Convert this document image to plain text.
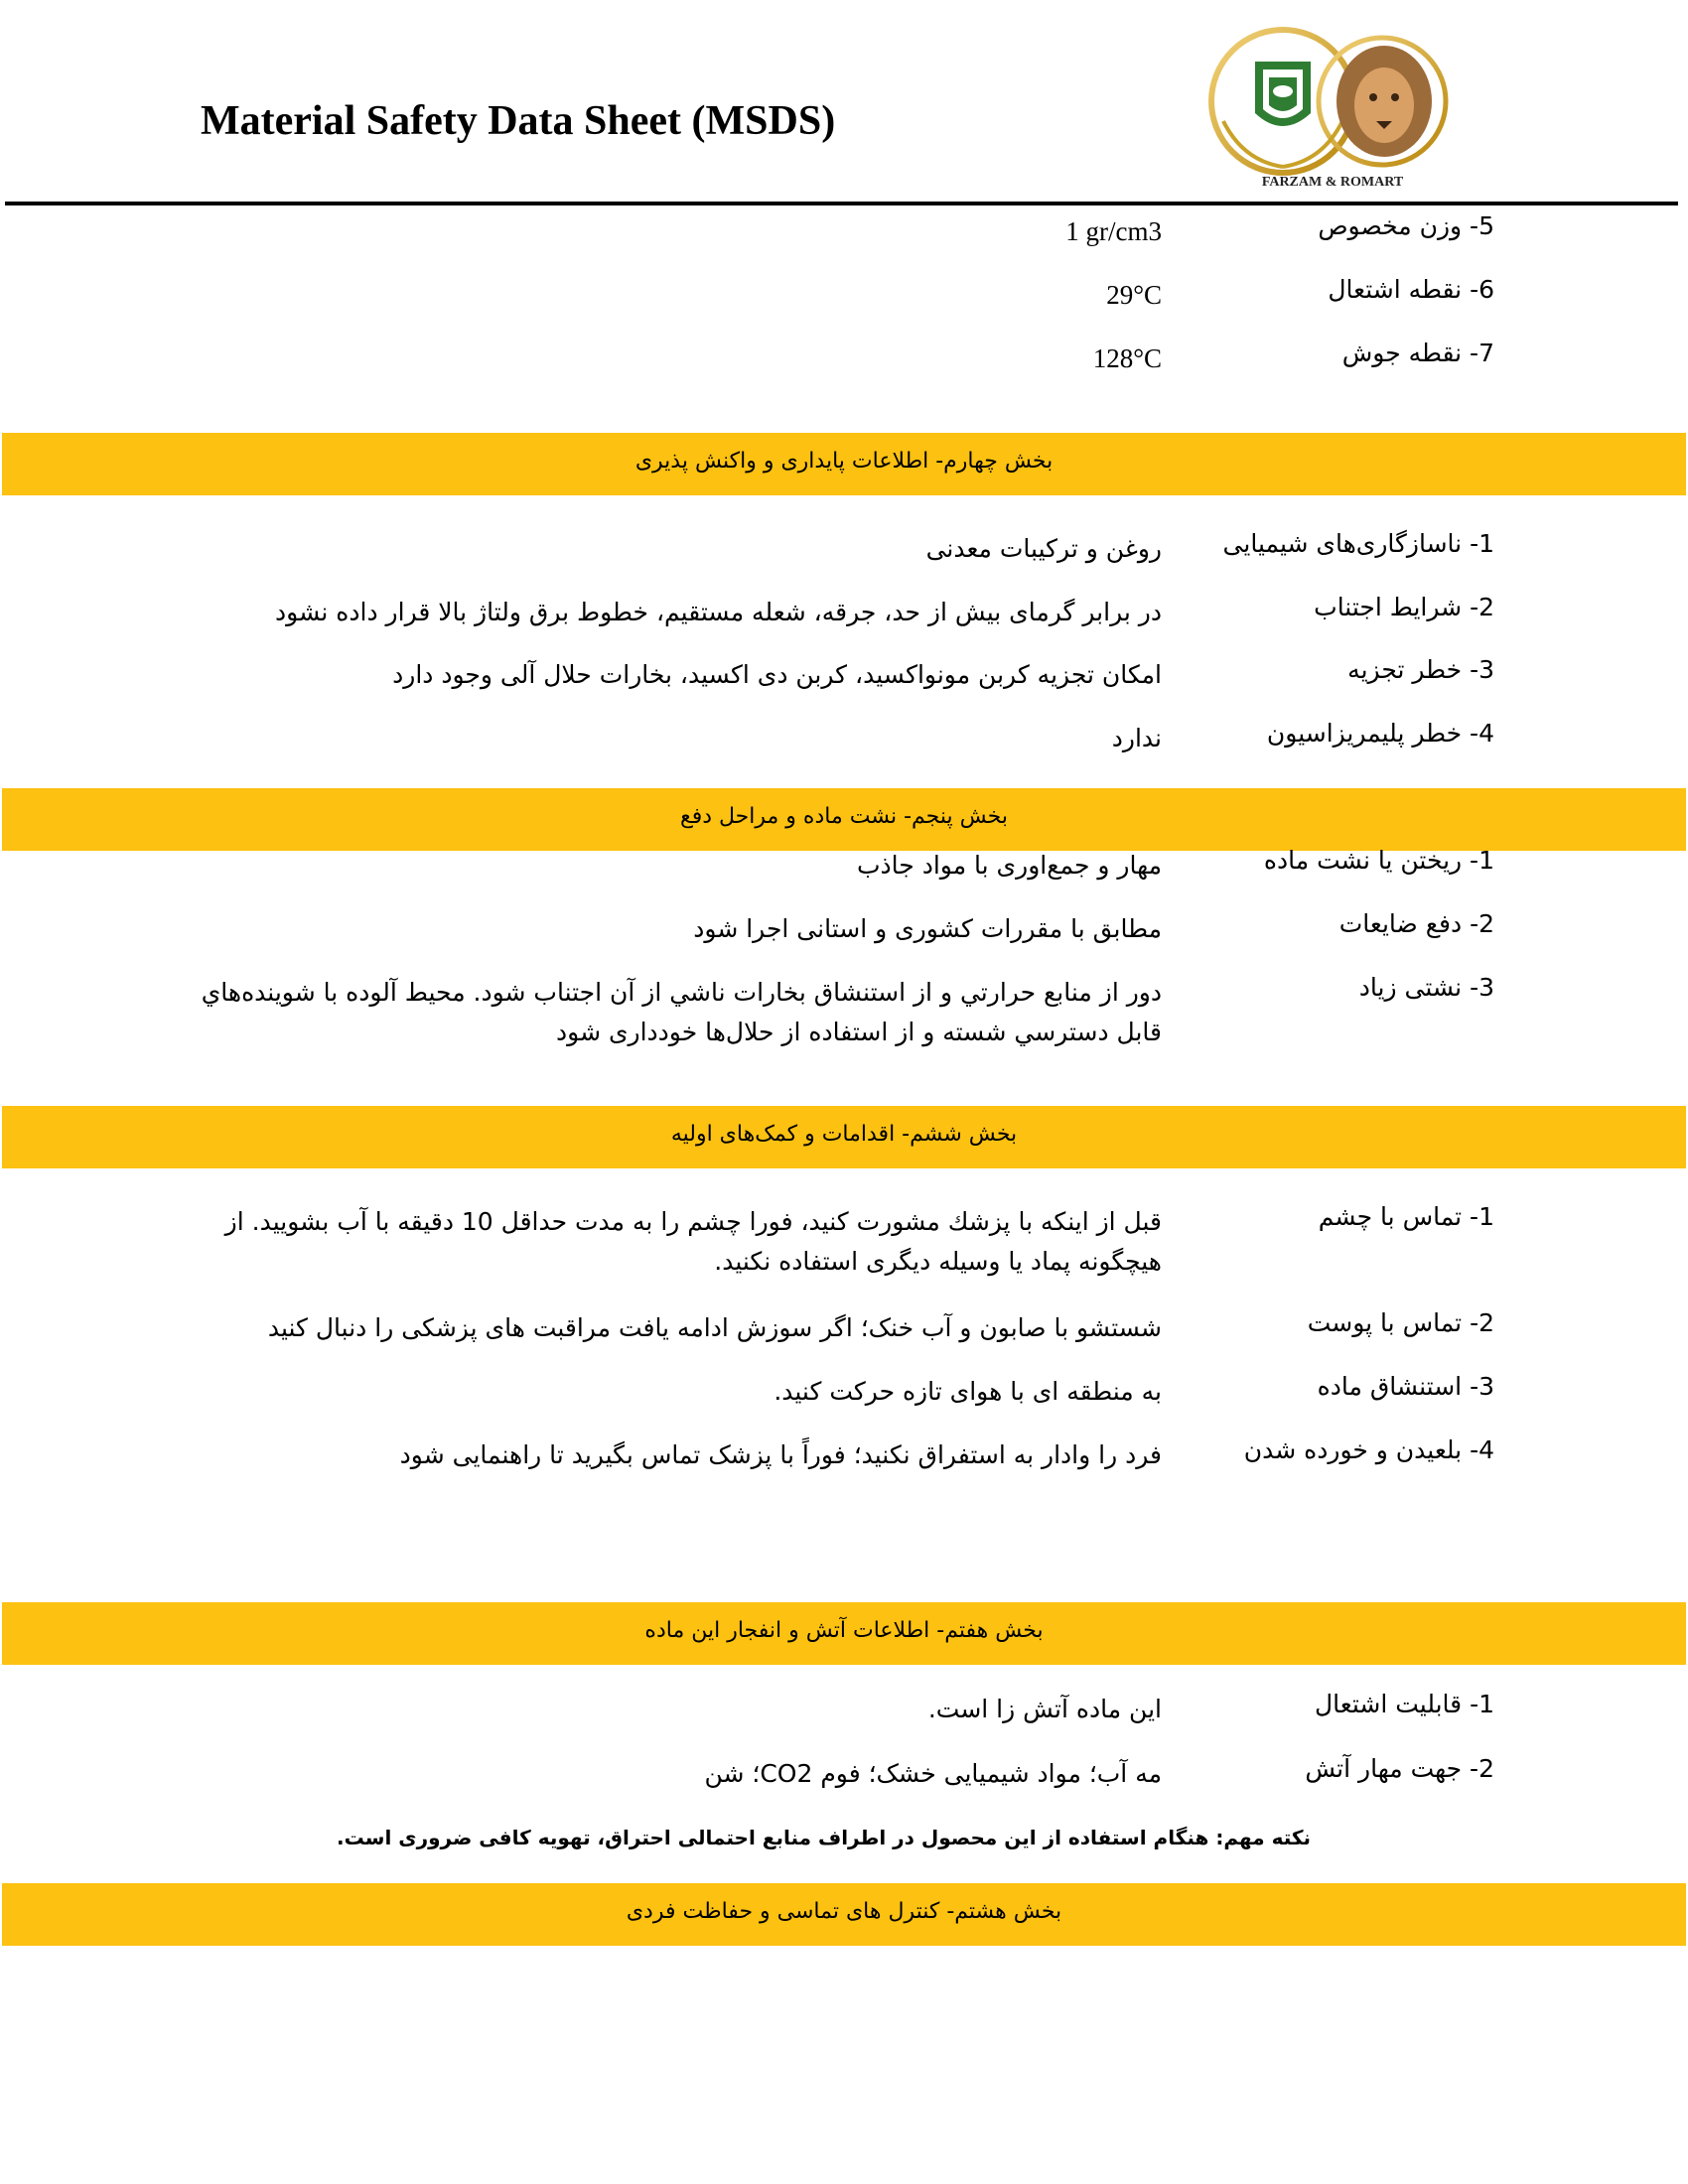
Material Safety Data Sheet (MSDS)
FARZAM & ROMART
5- وزن مخصوص
1 gr/cm3
6- نقطه اشتعال
29°C
7- نقطه جوش
128°C
بخش چهارم- اطلاعات پایداری و واکنش پذیری
1- ناسازگاری‌های شیمیایی
روغن و ترکیبات معدنی
2- شرایط اجتناب
در برابر گرمای بیش از حد، جرقه، شعله مستقیم، خطوط برق ولتاژ بالا قرار داده نشود
3- خطر تجزیه
امکان تجزیه کربن مونواکسید، کربن دی اکسید، بخارات حلال آلی وجود دارد
4- خطر پلیمریزاسیون
ندارد
بخش پنجم- نشت ماده و مراحل دفع
1- ریختن یا نشت ماده
مهار و جمع‌اوری با مواد جاذب
2- دفع ضایعات
مطابق با مقررات کشوری و استانی اجرا شود
3- نشتی زیاد
دور از منابع حرارتي و از استنشاق بخارات ناشي از آن اجتناب شود. محیط آلوده با شوینده‌هاي قابل دسترسي شسته و از استفاده از حلال‌ها خودداری شود
بخش ششم- اقدامات و کمک‌های اولیه
1- تماس با چشم
قبل از اینکه با پزشك مشورت کنید، فورا چشم را به مدت حداقل 10 دقیقه با آب بشویید. از هیچگونه پماد یا وسیله دیگری استفاده نکنید.
2- تماس با پوست
شستشو با صابون و آب خنک؛ اگر سوزش ادامه یافت مراقبت های پزشکی را دنبال کنید
3- استنشاق ماده
به منطقه ای با هوای تازه حرکت کنید.
4- بلعیدن و خورده شدن
فرد را وادار به استفراق نکنید؛ فوراً با پزشک تماس بگیرید تا راهنمایی شود
بخش هفتم- اطلاعات آتش و انفجار این ماده
1- قابلیت اشتعال
این ماده آتش زا است.
2- جهت مهار آتش
مه آب؛ مواد شیمیایی خشک؛ فوم CO2؛ شن
نکته مهم: هنگام استفاده از این محصول در اطراف منابع احتمالی احتراق، تهویه کافی ضروری است.
بخش هشتم- کنترل های تماسی و حفاظت فردی
